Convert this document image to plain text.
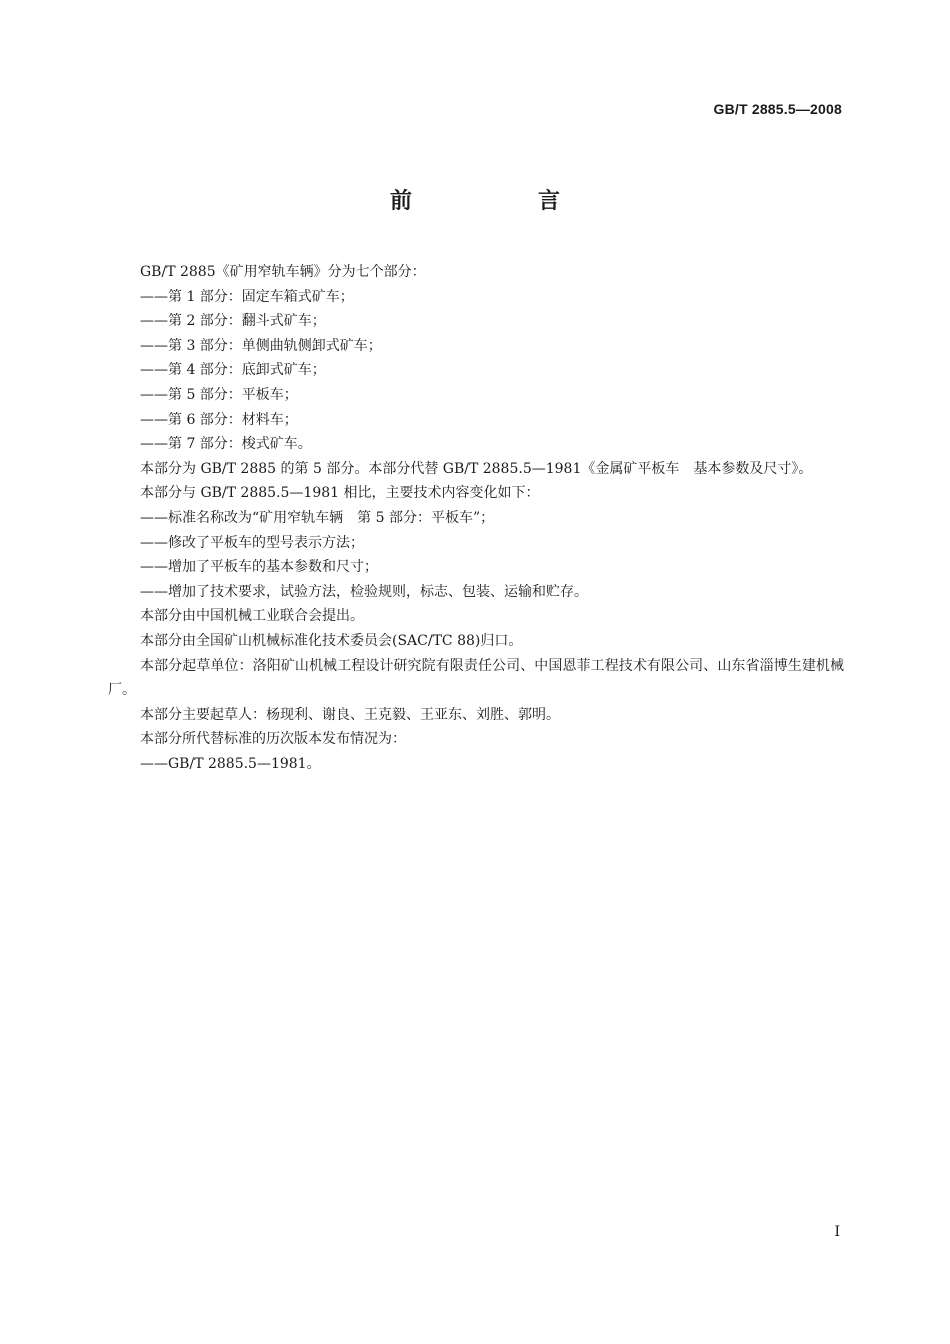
GB/T 2885.5—2008
前　言

GB/T 2885《矿用窄轨车辆》分为七个部分：

——第 1 部分：固定车箱式矿车；

——第 2 部分：翻斗式矿车；

——第 3 部分：单侧曲轨侧卸式矿车；

——第 4 部分：底卸式矿车；

——第 5 部分：平板车；

——第 6 部分：材料车；

——第 7 部分：梭式矿车。

本部分为 GB/T 2885 的第 5 部分。本部分代替 GB/T 2885.5—1981《金属矿平板车　基本参数及尺寸》。

本部分与 GB/T 2885.5—1981 相比，主要技术内容变化如下：

——标准名称改为“矿用窄轨车辆　第 5 部分：平板车”；

——修改了平板车的型号表示方法；

——增加了平板车的基本参数和尺寸；

——增加了技术要求，试验方法，检验规则，标志、包装、运输和贮存。

本部分由中国机械工业联合会提出。

本部分由全国矿山机械标准化技术委员会(SAC/TC 88)归口。

本部分起草单位：洛阳矿山机械工程设计研究院有限责任公司、中国恩菲工程技术有限公司、山东省淄博生建机械厂。

本部分主要起草人：杨现利、谢良、王克毅、王亚东、刘胜、郭明。

本部分所代替标准的历次版本发布情况为：

——GB/T 2885.5—1981。

I
